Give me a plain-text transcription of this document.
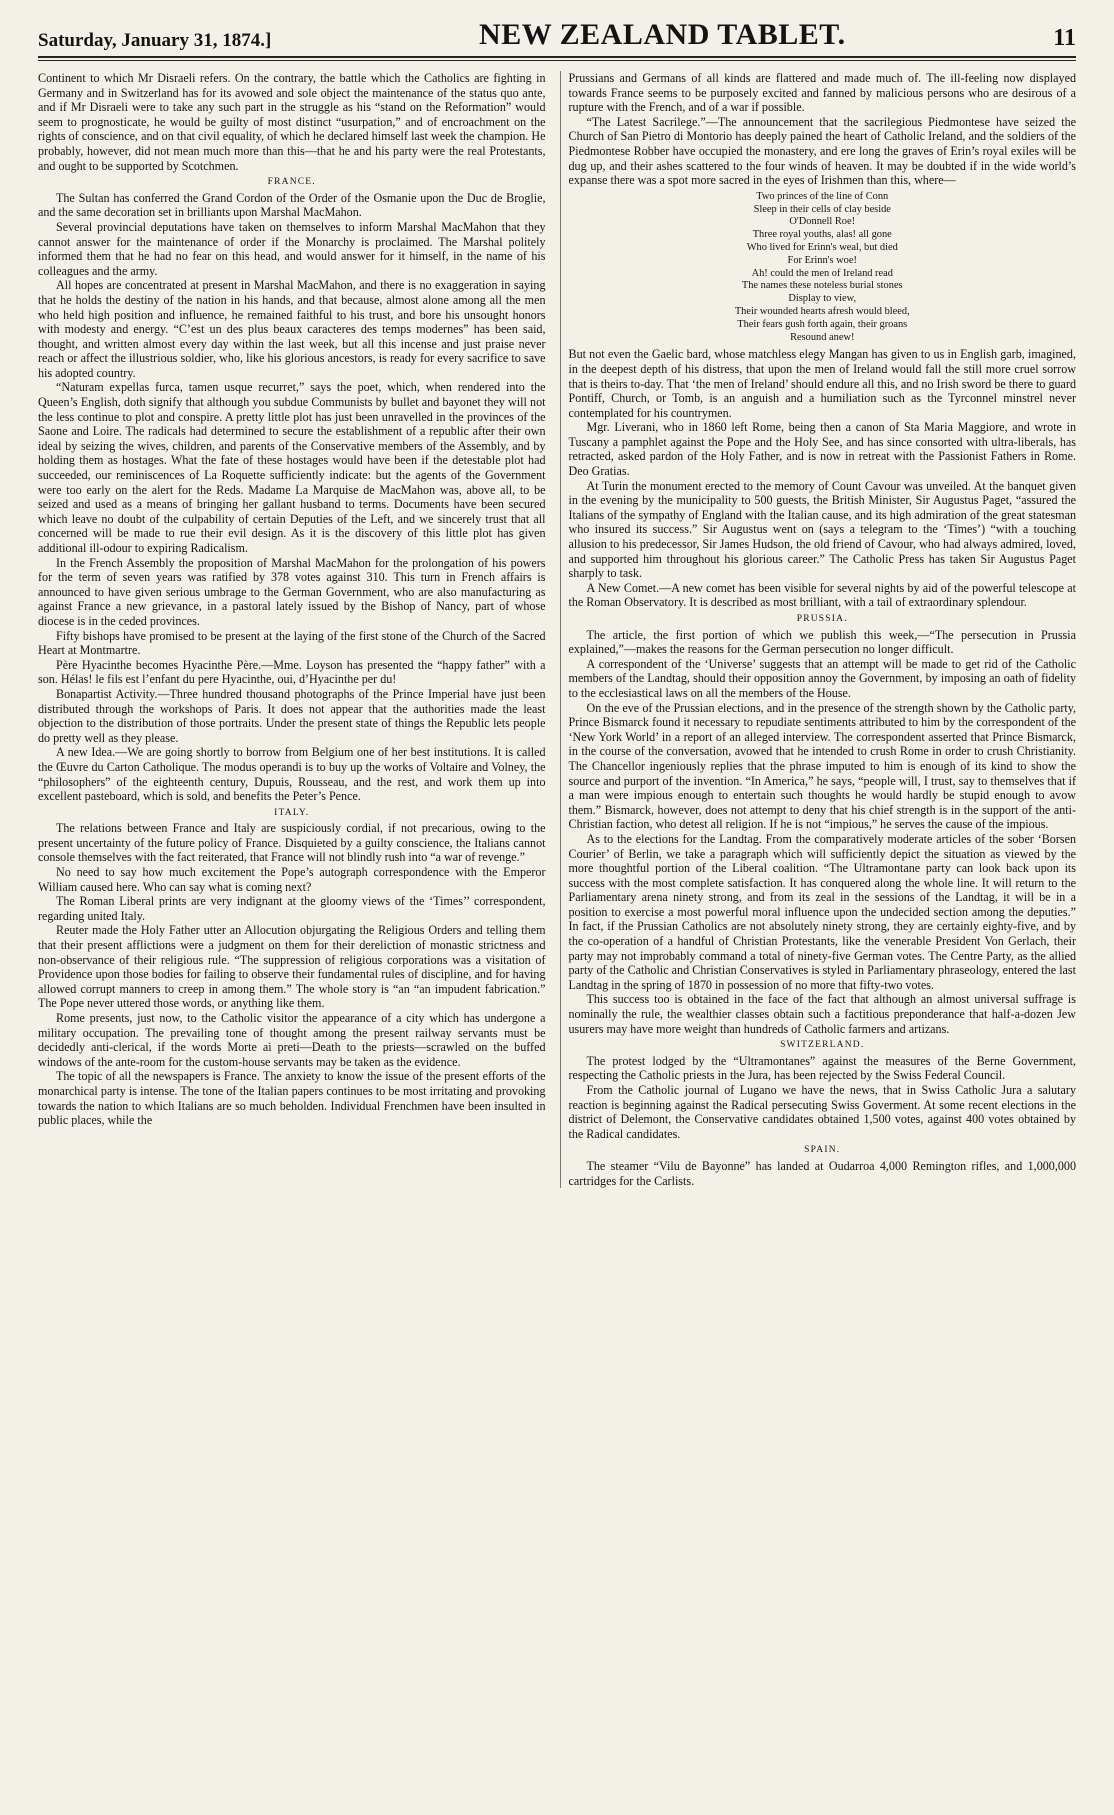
Saturday, January 31, 1874.]	NEW ZEALAND TABLET.	11

Continent to which Mr Disraeli refers. On the contrary, the battle which the Catholics are fighting in Germany and in Switzerland has for its avowed and sole object the maintenance of the status quo ante, and if Mr Disraeli were to take any such part in the struggle as his “stand on the Reformation” would seem to prognosticate, he would be guilty of most distinct “usurpation,” and of encroachment on the rights of conscience, and on that civil equality, of which he declared himself last week the champion. He probably, however, did not mean much more than this—that he and his party were the real Protestants, and ought to be supported by Scotchmen.

FRANCE.

The Sultan has conferred the Grand Cordon of the Order of the Osmanie upon the Duc de Broglie, and the same decoration set in brilliants upon Marshal MacMahon.

Several provincial deputations have taken on themselves to inform Marshal MacMahon that they cannot answer for the maintenance of order if the Monarchy is proclaimed. The Marshal politely informed them that he had no fear on this head, and would answer for it himself, in the name of his colleagues and the army.

All hopes are concentrated at present in Marshal MacMahon, and there is no exaggeration in saying that he holds the destiny of the nation in his hands, and that because, almost alone among all the men who held high position and influence, he remained faithful to his trust, and bore his unsought honors with modesty and energy. “C’est un des plus beaux caracteres des temps modernes” has been said, thought, and written almost every day within the last week, but all this incense and just praise never reach or affect the illustrious soldier, who, like his glorious ancestors, is ready for every sacrifice to save his adopted country.

“Naturam expellas furca, tamen usque recurret,” says the poet, which, when rendered into the Queen’s English, doth signify that although you subdue Communists by bullet and bayonet they will not the less continue to plot and conspire. A pretty little plot has just been unravelled in the provinces of the Saone and Loire. The radicals had determined to secure the establishment of a republic after their own ideal by seizing the wives, children, and parents of the Conservative members of the Assembly, and by holding them as hostages. What the fate of these hostages would have been if the detestable plot had succeeded, our reminiscences of La Roquette sufficiently indicate: but the agents of the Government were too early on the alert for the Reds. Madame La Marquise de MacMahon was, above all, to be seized and used as a means of bringing her gallant husband to terms. Documents have been secured which leave no doubt of the culpability of certain Deputies of the Left, and we sincerely trust that all concerned will be made to rue their evil design. As it is the discovery of this little plot has given additional ill-odour to expiring Radicalism.

In the French Assembly the proposition of Marshal MacMahon for the prolongation of his powers for the term of seven years was ratified by 378 votes against 310. This turn in French affairs is announced to have given serious umbrage to the German Government, who are also manufacturing as against France a new grievance, in a pastoral lately issued by the Bishop of Nancy, part of whose diocese is in the ceded provinces.

Fifty bishops have promised to be present at the laying of the first stone of the Church of the Sacred Heart at Montmartre.

Père Hyacinthe becomes Hyacinthe Père.—Mme. Loyson has presented the “happy father” with a son. Hélas! le fils est l’enfant du pere Hyacinthe, oui, d’Hyacinthe per du!

Bonapartist Activity.—Three hundred thousand photographs of the Prince Imperial have just been distributed through the workshops of Paris. It does not appear that the authorities made the least objection to the distribution of those portraits. Under the present state of things the Republic lets people do pretty well as they please.

A new Idea.—We are going shortly to borrow from Belgium one of her best institutions. It is called the Œuvre du Carton Catholique. The modus operandi is to buy up the works of Voltaire and Volney, the “philosophers” of the eighteenth century, Dupuis, Rousseau, and the rest, and work them up into excellent pasteboard, which is sold, and benefits the Peter’s Pence.

ITALY.

The relations between France and Italy are suspiciously cordial, if not precarious, owing to the present uncertainty of the future policy of France. Disquieted by a guilty conscience, the Italians cannot console themselves with the fact reiterated, that France will not blindly rush into “a war of revenge.”

No need to say how much excitement the Pope’s autograph correspondence with the Emperor William caused here. Who can say what is coming next?

The Roman Liberal prints are very indignant at the gloomy views of the ‘Times’’ correspondent, regarding united Italy.

Reuter made the Holy Father utter an Allocution objurgating the Religious Orders and telling them that their present afflictions were a judgment on them for their dereliction of monastic strictness and non-observance of their religious rule. “The suppression of religious corporations was a visitation of Providence upon those bodies for failing to observe their fundamental rules of discipline, and for having allowed corrupt manners to creep in among them.” The whole story is “an “an impudent fabrication.” The Pope never uttered those words, or anything like them.

Rome presents, just now, to the Catholic visitor the appearance of a city which has undergone a military occupation. The prevailing tone of thought among the present railway servants must be decidedly anti-clerical, if the words Morte ai preti—Death to the priests—scrawled on the buffed windows of the ante-room for the custom-house servants may be taken as the evidence.

The topic of all the newspapers is France. The anxiety to know the issue of the present efforts of the monarchical party is intense. The tone of the Italian papers continues to be most irritating and provoking towards the nation to which Italians are so much beholden. Individual Frenchmen have been insulted in public places, while the

Prussians and Germans of all kinds are flattered and made much of. The ill-feeling now displayed towards France seems to be purposely excited and fanned by malicious persons who are desirous of a rupture with the French, and of a war if possible.

“The Latest Sacrilege.”—The announcement that the sacrilegious Piedmontese have seized the Church of San Pietro di Montorio has deeply pained the heart of Catholic Ireland, and the soldiers of the Piedmontese Robber have occupied the monastery, and ere long the graves of Erin’s royal exiles will be dug up, and their ashes scattered to the four winds of heaven. It may be doubted if in the wide world’s expanse there was a spot more sacred in the eyes of Irishmen than this, where—

Two princes of the line of Conn
Sleep in their cells of clay beside
O'Donnell Roe!
Three royal youths, alas! all gone
Who lived for Erinn's weal, but died
For Erinn's woe!
Ah! could the men of Ireland read
The names these noteless burial stones
Display to view,
Their wounded hearts afresh would bleed,
Their fears gush forth again, their groans
Resound anew!

But not even the Gaelic bard, whose matchless elegy Mangan has given to us in English garb, imagined, in the deepest depth of his distress, that upon the men of Ireland would fall the still more cruel sorrow that is theirs to-day. That ‘the men of Ireland’ should endure all this, and no Irish sword be there to guard Pontiff, Church, or Tomb, is an anguish and a humiliation such as the Tyrconnel minstrel never contemplated for his countrymen.

Mgr. Liverani, who in 1860 left Rome, being then a canon of Sta Maria Maggiore, and wrote in Tuscany a pamphlet against the Pope and the Holy See, and has since consorted with ultra-liberals, has retracted, asked pardon of the Holy Father, and is now in retreat with the Passionist Fathers in Rome. Deo Gratias.

At Turin the monument erected to the memory of Count Cavour was unveiled. At the banquet given in the evening by the municipality to 500 guests, the British Minister, Sir Augustus Paget, “assured the Italians of the sympathy of England with the Italian cause, and its high admiration of the great statesman who insured its success.” Sir Augustus went on (says a telegram to the ‘Times’) “with a touching allusion to his predecessor, Sir James Hudson, the old friend of Cavour, who had always admired, loved, and supported him throughout his glorious career.” The Catholic Press has taken Sir Augustus Paget sharply to task.

A New Comet.—A new comet has been visible for several nights by aid of the powerful telescope at the Roman Observatory. It is described as most brilliant, with a tail of extraordinary splendour.

PRUSSIA.

The article, the first portion of which we publish this week,—“The persecution in Prussia explained,”—makes the reasons for the German persecution no longer difficult.

A correspondent of the ‘Universe’ suggests that an attempt will be made to get rid of the Catholic members of the Landtag, should their opposition annoy the Government, by imposing an oath of fidelity to the ecclesiastical laws on all the members of the House.

On the eve of the Prussian elections, and in the presence of the strength shown by the Catholic party, Prince Bismarck found it necessary to repudiate sentiments attributed to him by the correspondent of the ‘New York World’ in a report of an alleged interview. The correspondent asserted that Prince Bismarck, in the course of the conversation, avowed that he intended to crush Rome in order to crush Christianity. The Chancellor ingeniously replies that the phrase imputed to him is enough of its kind to show the source and purport of the invention. “In America,” he says, “people will, I trust, say to themselves that if a man were impious enough to entertain such thoughts he would hardly be stupid enough to avow them.” Bismarck, however, does not attempt to deny that his chief strength is in the support of the anti-Christian faction, who detest all religion. If he is not “impious,” he serves the cause of the impious.

As to the elections for the Landtag. From the comparatively moderate articles of the sober ‘Borsen Courier’ of Berlin, we take a paragraph which will sufficiently depict the situation as viewed by the more thoughtful portion of the Liberal coalition. “The Ultramontane party can look back upon its success with the most complete satisfaction. It has conquered along the whole line. It will return to the Parliamentary arena ninety strong, and from its zeal in the sessions of the Landtag, it will be in a position to exercise a most powerful moral influence upon the undecided section among the deputies.” In fact, if the Prussian Catholics are not absolutely ninety strong, they are certainly eighty-five, and by the co-operation of a handful of Christian Protestants, like the venerable President Von Gerlach, their party may not improbably command a total of ninety-five German votes. The Centre Party, as the allied party of the Catholic and Christian Conservatives is styled in Parliamentary phraseology, entered the last Landtag in the spring of 1870 in possession of no more that fifty-two votes.

This success too is obtained in the face of the fact that although an almost universal suffrage is nominally the rule, the wealthier classes obtain such a factitious preponderance that half-a-dozen Jew usurers may have more weight than hundreds of Catholic farmers and artizans.

SWITZERLAND.

The protest lodged by the “Ultramontanes” against the measures of the Berne Government, respecting the Catholic priests in the Jura, has been rejected by the Swiss Federal Council.

From the Catholic journal of Lugano we have the news, that in Swiss Catholic Jura a salutary reaction is beginning against the Radical persecuting Swiss Goverment. At some recent elections in the district of Delemont, the Conservative candidates obtained 1,500 votes, against 400 votes obtained by the Radical candidates.

SPAIN.

The steamer “Vilu de Bayonne” has landed at Oudarroa 4,000 Remington rifles, and 1,000,000 cartridges for the Carlists.
